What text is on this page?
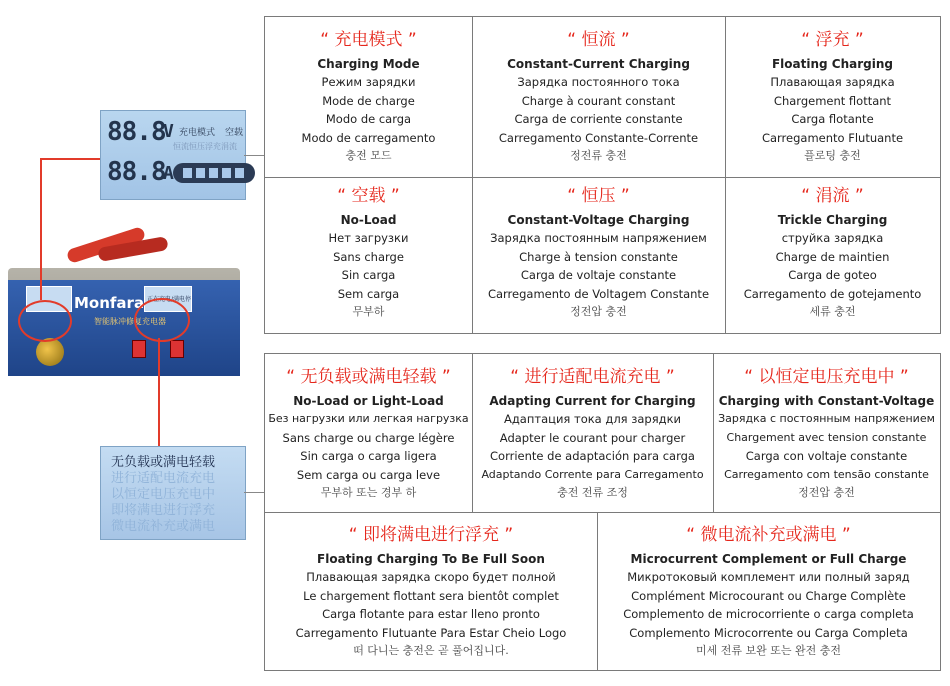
88.8
V
88.8
A
充电模式 空载
恒流恒压浮充涓流
Monfara
智能脉冲修复充电器
正在充电/满电停
无负载或满电轻载
进行适配电流充电
以恒定电压充电中
即将满电进行浮充
微电流补充或满电
“ 充电模式 ”
Charging Mode
Режим зарядки
Mode de charge
Modo de carga
Modo de carregamento
충전 모드
“ 恒流 ”
Constant-Current Charging
Зарядка постоянного тока
Charge à courant constant
Carga de corriente constante
Carregamento Constante-Corrente
정전류 충전
“ 浮充 ”
Floating Charging
Плавающая зарядка
Chargement flottant
Carga flotante
Carregamento Flutuante
플로팅 충전
“ 空载 ”
No-Load
Нет загрузки
Sans charge
Sin carga
Sem carga
무부하
“ 恒压 ”
Constant-Voltage Charging
Зарядка постоянным напряжением
Charge à tension constante
Carga de voltaje constante
Carregamento de Voltagem Constante
정전압 충전
“ 涓流 ”
Trickle Charging
струйка зарядка
Charge de maintien
Carga de goteo
Carregamento de gotejamento
세류 충전
“ 无负载或满电轻载 ”
No-Load or Light-Load
Без нагрузки или легкая нагрузка
Sans charge ou charge légère
Sin carga o carga ligera
Sem carga ou carga leve
무부하 또는 경부 하
“ 进行适配电流充电 ”
Adapting Current for Charging
Адаптация тока для зарядки
Adapter le courant pour charger
Corriente de adaptación para carga
Adaptando Corrente para Carregamento
충전 전류 조정
“ 以恒定电压充电中 ”
Charging with Constant-Voltage
Зарядка с постоянным напряжением
Chargement avec tension constante
Carga con voltaje constante
Carregamento com tensão constante
정전압 충전
“ 即将满电进行浮充 ”
Floating Charging To Be Full Soon
Плавающая зарядка скоро будет полной
Le chargement flottant sera bientôt complet
Carga flotante para estar lleno pronto
Carregamento Flutuante Para Estar Cheio Logo
떠 다니는 충전은 곧 풀어집니다.
“ 微电流补充或满电 ”
Microcurrent Complement or Full Charge
Микротоковый комплемент или полный заряд
Complément Microcourant ou Charge Complète
Complemento de microcorriente o carga completa
Complemento Microcorrente ou Carga Completa
미세 전류 보완 또는 완전 충전
